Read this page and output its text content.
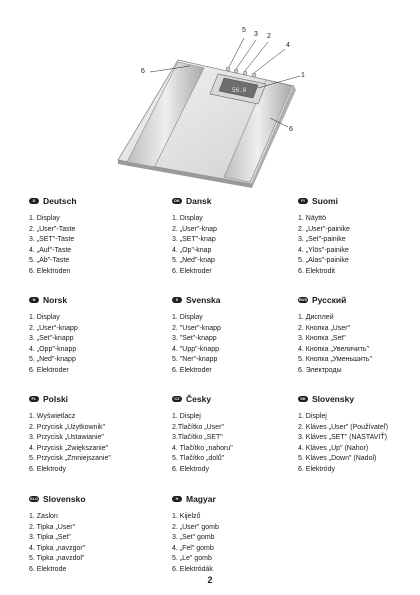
56.6
5
3 2
4
1
6
6
D Deutsch
1. Display
2. „User"-Taste
3. „SET"-Taste
4. „Auf"-Taste
5. „Ab"-Taste
6. Elektroden
DK Dansk
1. Display
2. „User"-knap
3. „SET"-knap
4. „Op"-knap
5. „Ned"-knap
6. Elektroder
FI Suomi
1. Näyttö
2. „User"-painike
3. „Set"-painike
4. „Ylös"-painike
5. „Alas"-painike
6. Elektrodit
N Norsk
1. Display
2. „User"-knapp
3. „Set"-knapp
4. „Opp"-knapp
5. „Ned"-knapp
6. Elektroder
S Svenska
1. Display
2. "User"-knapp
3. "Set"-knapp
4. "Upp"-knapp
5. "Ner"-knapp
6. Elektroder
RUS Русский
1. Дисплей
2. Кнопка „User"
3. Кнопка „Set"
4. Кнопка „Увеличить"
5. Кнопка „Уменьшить"
6. Электроды
PL Polski
1. Wyświetlacz
2. Przycisk „Użytkownik"
3. Przycisk „Ustawianie"
4. Przycisk „Zwiększanie"
5. Przycisk „Zmniejszanie"
6. Elektrody
CZ Česky
1. Displej
2.Tlačítko „User"
3.Tlačítko „SET"
4. Tlačítko „nahoru"
5. Tlačítko „dolů"
6. Elektrody
SK Slovensky
1. Displej
2. Kláves „User" (Používateľ)
3. Kláves „SET" (NASTAVIŤ)
4. Kláves „Up" (Nahor)
5. Kláves „Down" (Nadol)
6. Elektródy
SLO Slovensko
1. Zaslon
2. Tipka „User"
3. Tipka „Set"
4. Tipka „navzgor"
5. Tipka „navzdol"
6. Elektrode
H Magyar
1. Kijelző
2. „User" gomb
3. „Set" gomb
4. „Fel" gomb
5. „Le" gomb
6. Elektródák
2
